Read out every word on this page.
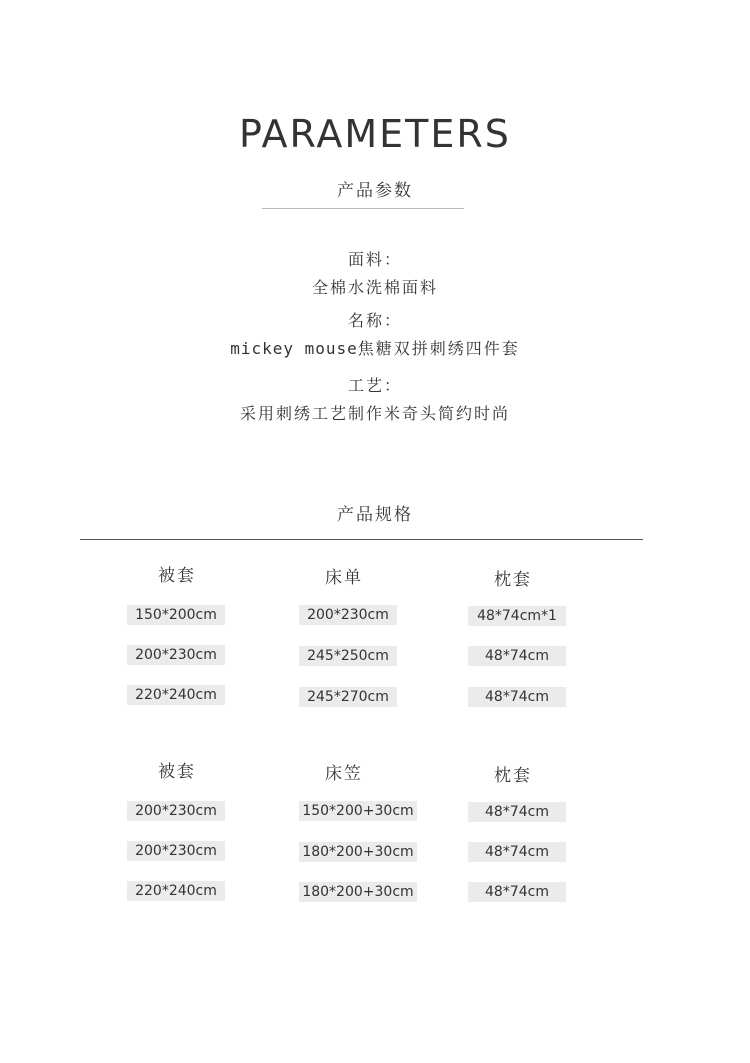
PARAMETERS
产品参数
面料：
全棉水洗棉面料
名称：
mickey mouse焦糖双拼刺绣四件套
工艺：
采用刺绣工艺制作米奇头简约时尚
产品规格
被套	床单	枕套
150*200cm	200*230cm	48*74cm*1
200*230cm	245*250cm	48*74cm
220*240cm	245*270cm	48*74cm
被套	床笠	枕套
200*230cm	150*200+30cm	48*74cm
200*230cm	180*200+30cm	48*74cm
220*240cm	180*200+30cm	48*74cm
